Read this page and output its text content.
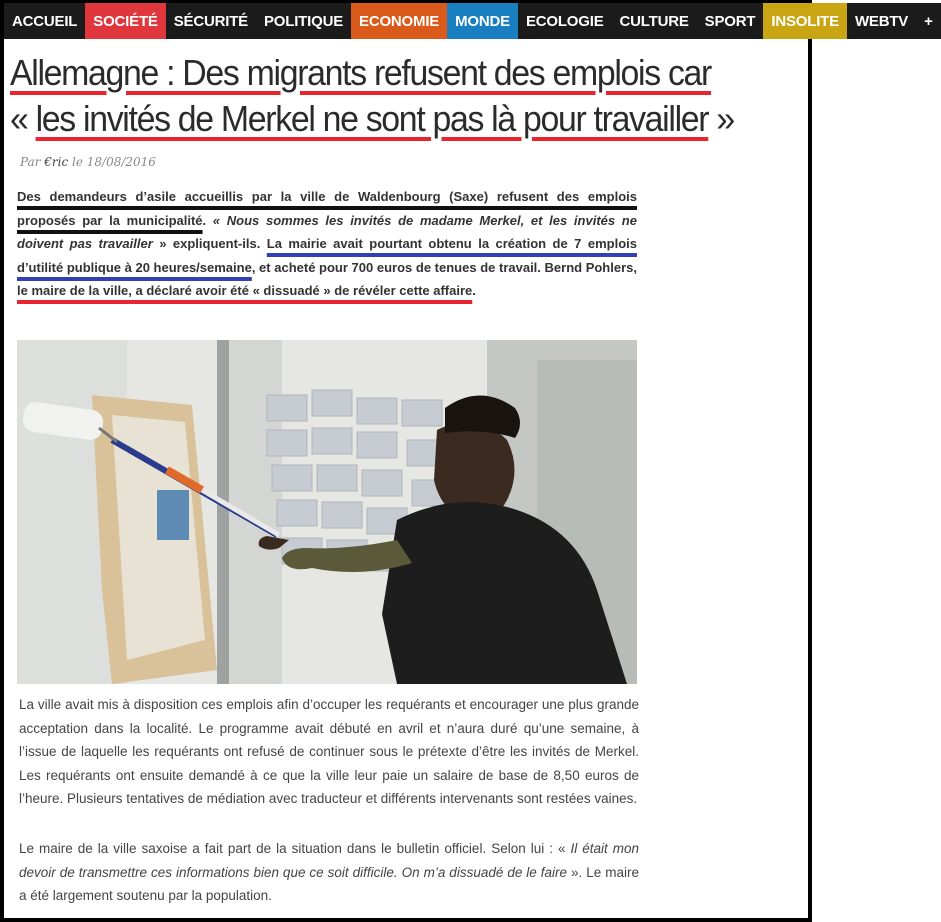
ACCUEIL	SOCIÉTÉ	SÉCURITÉ	POLITIQUE	ECONOMIE	MONDE	ECOLOGIE	CULTURE	SPORT	INSOLITE	WEBTV	+
Allemagne : Des migrants refusent des emplois car
« les invités de Merkel ne sont pas là pour travailler »
Par €ric le 18/08/2016

Des demandeurs d’asile accueillis par la ville de Waldenbourg (Saxe) refusent des emplois proposés par la municipalité. « Nous sommes les invités de madame Merkel, et les invités ne doivent pas travailler » expliquent-ils. La mairie avait pourtant obtenu la création de 7 emplois d’utilité publique à 20 heures/semaine, et acheté pour 700 euros de tenues de travail. Bernd Pohlers, le maire de la ville, a déclaré avoir été « dissuadé » de révéler cette affaire.

La ville avait mis à disposition ces emplois afin d’occuper les requérants et encourager une plus grande acceptation dans la localité. Le programme avait débuté en avril et n’aura duré qu’une semaine, à l’issue de laquelle les requérants ont refusé de continuer sous le prétexte d’être les invités de Merkel. Les requérants ont ensuite demandé à ce que la ville leur paie un salaire de base de 8,50 euros de l’heure. Plusieurs tentatives de médiation avec traducteur et différents intervenants sont restées vaines.

Le maire de la ville saxoise a fait part de la situation dans le bulletin officiel. Selon lui : « Il était mon devoir de transmettre ces informations bien que ce soit difficile. On m’a dissuadé de le faire ». Le maire a été largement soutenu par la population.
